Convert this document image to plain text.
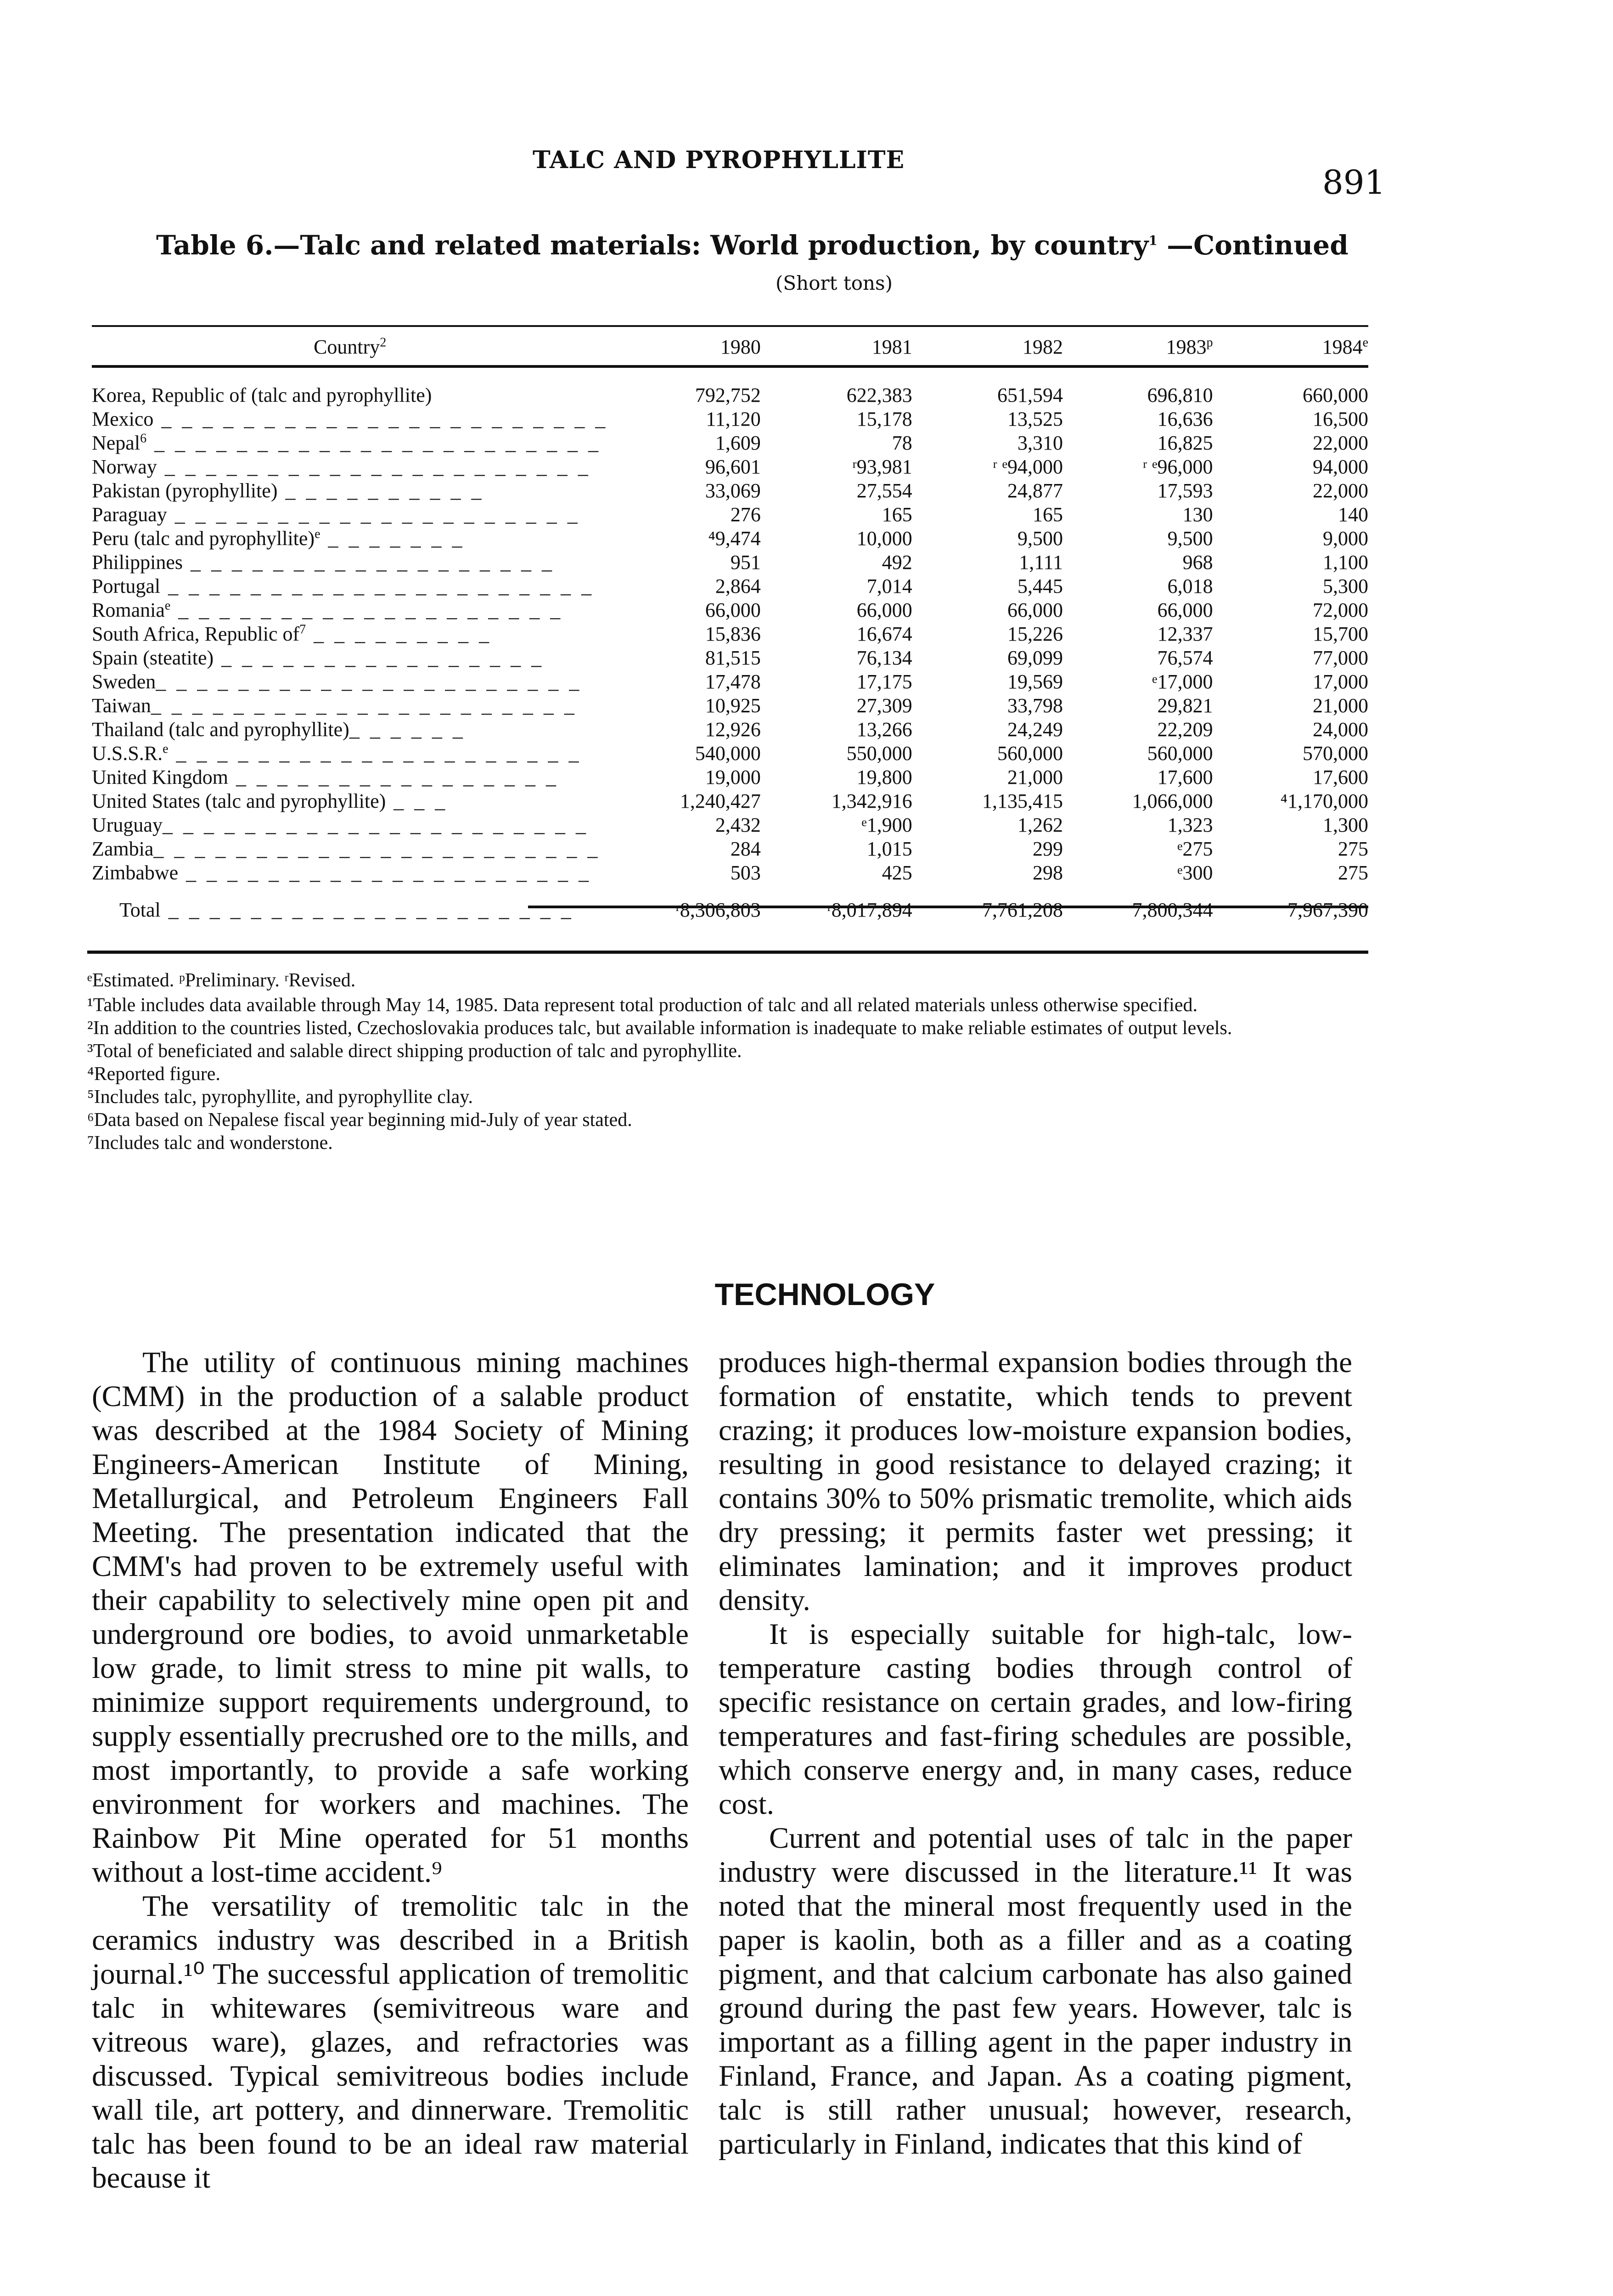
TALC AND PYROPHYLLITE
891
Table 6.—Talc and related materials: World production, by country$^1$ —Continued
(Short tons)
Country$^2$	1980	1981	1982	1983$^p$	1984e

Korea, Republic of (talc and pyrophyllite)	792,752	622,383	651,594	696,810	660,000
Mexico _ _ _ _ _ _ _ _ _ _ _ _ _ _ _ _ _ _ _ _ _ _	11,120	15,178	13,525	16,636	16,500
Nepal$^6$ _ _ _ _ _ _ _ _ _ _ _ _ _ _ _ _ _ _ _ _ _ _	1,609	78	3,310	16,825	22,000
Norway _ _ _ _ _ _ _ _ _ _ _ _ _ _ _ _ _ _ _ _ _	96,601	ʳ93,981	ʳ ᵉ94,000	ʳ ᵉ96,000	94,000
Pakistan (pyrophyllite) _ _ _ _ _ _ _ _ _ _	33,069	27,554	24,877	17,593	22,000
Paraguay _ _ _ _ _ _ _ _ _ _ _ _ _ _ _ _ _ _ _ _	276	165	165	130	140
Peru (talc and pyrophyllite)$^e$ _ _ _ _ _ _ _	⁴9,474	10,000	9,500	9,500	9,000
Philippines _ _ _ _ _ _ _ _ _ _ _ _ _ _ _ _ _ _	951	492	1,111	968	1,100
Portugal _ _ _ _ _ _ _ _ _ _ _ _ _ _ _ _ _ _ _ _ _	2,864	7,014	5,445	6,018	5,300
Romania$^e$ _ _ _ _ _ _ _ _ _ _ _ _ _ _ _ _ _ _ _	66,000	66,000	66,000	66,000	72,000
South Africa, Republic $of^7$ _ _ _ _ _ _ _ _ _	15,836	16,674	15,226	12,337	15,700
Spain (steatite) _ _ _ _ _ _ _ _ _ _ _ _ _ _ _ _	81,515	76,134	69,099	76,574	77,000
Sweden_ _ _ _ _ _ _ _ _ _ _ _ _ _ _ _ _ _ _ _ _	17,478	17,175	19,569	ᵉ17,000	17,000
Taiwan_ _ _ _ _ _ _ _ _ _ _ _ _ _ _ _ _ _ _ _ _	10,925	27,309	33,798	29,821	21,000
Thailand (talc and pyrophyllite)_ _ _ _ _ _	12,926	13,266	24,249	22,209	24,000
U.S.S.R.$^e$ _ _ _ _ _ _ _ _ _ _ _ _ _ _ _ _ _ _ _ _	540,000	550,000	560,000	560,000	570,000
United Kingdom _ _ _ _ _ _ _ _ _ _ _ _ _ _ _ _	19,000	19,800	21,000	17,600	17,600
United States (talc and pyrophyllite) _ _ _	1,240,427	1,342,916	1,135,415	1,066,000	⁴1,170,000
Uruguay_ _ _ _ _ _ _ _ _ _ _ _ _ _ _ _ _ _ _ _ _	2,432	ᵉ1,900	1,262	1,323	1,300
Zambia_ _ _ _ _ _ _ _ _ _ _ _ _ _ _ _ _ _ _ _ _ _	284	1,015	299	ᵉ275	275
Zimbabwe _ _ _ _ _ _ _ _ _ _ _ _ _ _ _ _ _ _ _ _	503	425	298	ᵉ300	275
Total _ _ _ _ _ _ _ _ _ _ _ _ _ _ _ _ _ _ _ _	ʳ8,306,803	ʳ8,017,894	7,761,208	7,800,344	7,967,390
ᵉEstimated. ᵖPreliminary. ʳRevised.
¹Table includes data available through May 14, 1985. Data represent total production of talc and all related materials unless otherwise specified.
²In addition to the countries listed, Czechoslovakia produces talc, but available information is inadequate to make reliable estimates of output levels.
³Total of beneficiated and salable direct shipping production of talc and pyrophyllite.
⁴Reported figure.
⁵Includes talc, pyrophyllite, and pyrophyllite clay.
⁶Data based on Nepalese fiscal year beginning mid-July of year stated.
⁷Includes talc and wonderstone.
TECHNOLOGY

The utility of continuous mining machines (CMM) in the production of a salable product was described at the 1984 Society of Mining Engineers-American Institute of Mining, Metallurgical, and Petroleum Engineers Fall Meeting. The presentation indicated that the CMM's had proven to be extremely useful with their capability to selectively mine open pit and underground ore bodies, to avoid unmarketable low grade, to limit stress to mine pit walls, to minimize support requirements underground, to supply essentially precrushed ore to the mills, and most importantly, to provide a safe working environment for workers and machines. The Rainbow Pit Mine operated for 51 months without a lost-time accident.⁹

The versatility of tremolitic talc in the ceramics industry was described in a British journal.¹⁰ The successful application of tremolitic talc in whitewares (semivitreous ware and vitreous ware), glazes, and refractories was discussed. Typical semivitreous bodies include wall tile, art pottery, and dinnerware. Tremolitic talc has been found to be an ideal raw material because it

produces high-thermal expansion bodies through the formation of enstatite, which tends to prevent crazing; it produces low-moisture expansion bodies, resulting in good resistance to delayed crazing; it contains 30% to 50% prismatic tremolite, which aids dry pressing; it permits faster wet pressing; it eliminates lamination; and it improves product density.

It is especially suitable for high-talc, low-temperature casting bodies through control of specific resistance on certain grades, and low-firing temperatures and fast-firing schedules are possible, which conserve energy and, in many cases, reduce cost.

Current and potential uses of talc in the paper industry were discussed in the literature.¹¹ It was noted that the mineral most frequently used in the paper is kaolin, both as a filler and as a coating pigment, and that calcium carbonate has also gained ground during the past few years. However, talc is important as a filling agent in the paper industry in Finland, France, and Japan. As a coating pigment, talc is still rather unusual; however, research, particularly in Finland, indicates that this kind of
